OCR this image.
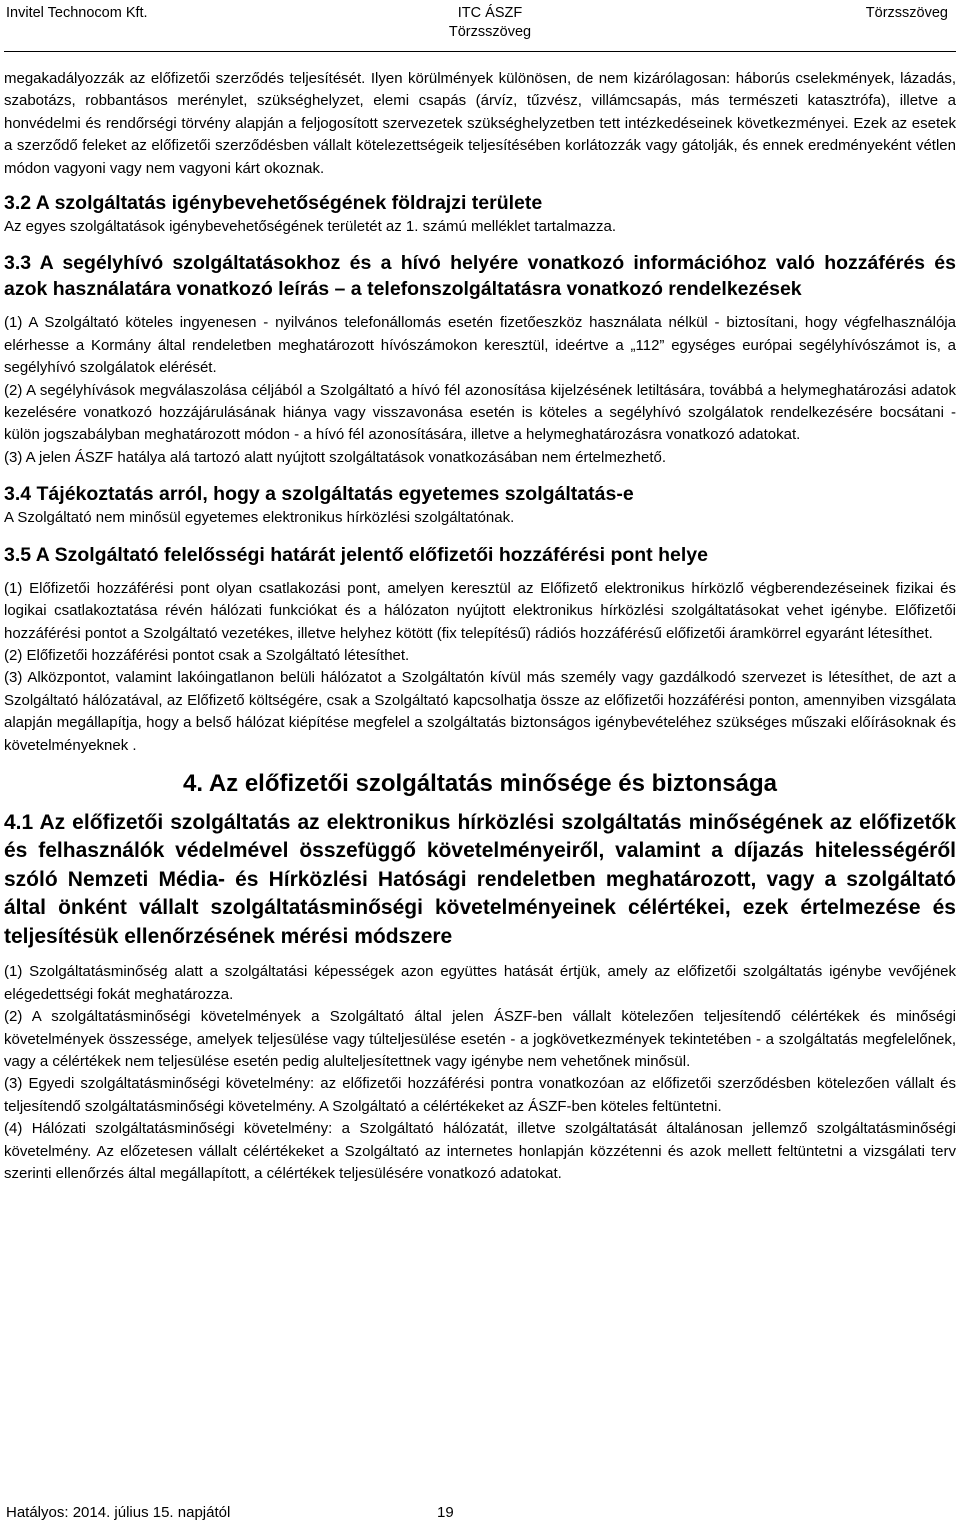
Invitel Technocom Kft.	ITC ÁSZF
Törzsszöveg
Törzsszöveg

megakadályozzák az előfizetői szerződés teljesítését. Ilyen körülmények különösen, de nem kizárólagosan: háborús cselekmények, lázadás, szabotázs, robbantásos merénylet, szükséghelyzet, elemi csapás (árvíz, tűzvész, villámcsapás, más természeti katasztrófa), illetve a honvédelmi és rendőrségi törvény alapján a feljogosított szervezetek szükséghelyzetben tett intézkedéseinek következményei. Ezek az esetek a szerződő feleket az előfizetői szerződésben vállalt kötelezettségeik teljesítésében korlátozzák vagy gátolják, és ennek eredményeként vétlen módon vagyoni vagy nem vagyoni kárt okoznak.

3.2 A szolgáltatás igénybevehetőségének földrajzi területe

Az egyes szolgáltatások igénybevehetőségének területét az 1. számú melléklet tartalmazza.

3.3 A segélyhívó szolgáltatásokhoz és a hívó helyére vonatkozó információhoz való hozzáférés és azok használatára vonatkozó leírás – a telefonszolgáltatásra vonatkozó rendelkezések

(1) A Szolgáltató köteles ingyenesen - nyilvános telefonállomás esetén fizetőeszköz használata nélkül - biztosítani, hogy végfelhasználója elérhesse a Kormány által rendeletben meghatározott hívószámokon keresztül, ideértve a „112” egységes európai segélyhívószámot is, a segélyhívó szolgálatok elérését.

(2) A segélyhívások megválaszolása céljából a Szolgáltató a hívó fél azonosítása kijelzésének letiltására, továbbá a helymeghatározási adatok kezelésére vonatkozó hozzájárulásának hiánya vagy visszavonása esetén is köteles a segélyhívó szolgálatok rendelkezésére bocsátani - külön jogszabályban meghatározott módon - a hívó fél azonosítására, illetve a helymeghatározásra vonatkozó adatokat.

(3) A jelen ÁSZF hatálya alá tartozó alatt nyújtott szolgáltatások vonatkozásában nem értelmezhető.

3.4 Tájékoztatás arról, hogy a szolgáltatás egyetemes szolgáltatás-e

A Szolgáltató nem minősül egyetemes elektronikus hírközlési szolgáltatónak.

3.5 A Szolgáltató felelősségi határát jelentő előfizetői hozzáférési pont helye

(1) Előfizetői hozzáférési pont olyan csatlakozási pont, amelyen keresztül az Előfizető elektronikus hírközlő végberendezéseinek fizikai és logikai csatlakoztatása révén hálózati funkciókat és a hálózaton nyújtott elektronikus hírközlési szolgáltatásokat vehet igénybe. Előfizetői hozzáférési pontot a Szolgáltató vezetékes, illetve helyhez kötött (fix telepítésű) rádiós hozzáférésű előfizetői áramkörrel egyaránt létesíthet.

(2) Előfizetői hozzáférési pontot csak a Szolgáltató létesíthet.

(3) Alközpontot, valamint lakóingatlanon belüli hálózatot a Szolgáltatón kívül más személy vagy gazdálkodó szervezet is létesíthet, de azt a Szolgáltató hálózatával, az Előfizető költségére, csak a Szolgáltató kapcsolhatja össze az előfizetői hozzáférési ponton, amennyiben vizsgálata alapján megállapítja, hogy a belső hálózat kiépítése megfelel a szolgáltatás biztonságos igénybevételéhez szükséges műszaki előírásoknak és követelményeknek .

4. Az előfizetői szolgáltatás minősége és biztonsága
4.1 Az előfizetői szolgáltatás az elektronikus hírközlési szolgáltatás minőségének az előfizetők és felhasználók védelmével összefüggő követelményeiről, valamint a díjazás hitelességéről szóló Nemzeti Média- és Hírközlési Hatósági rendeletben meghatározott, vagy a szolgáltató által önként vállalt szolgáltatásminőségi követelményeinek célértékei, ezek értelmezése és teljesítésük ellenőrzésének mérési módszere

(1) Szolgáltatásminőség alatt a szolgáltatási képességek azon együttes hatását értjük, amely az előfizetői szolgáltatás igénybe vevőjének elégedettségi fokát meghatározza.

(2) A szolgáltatásminőségi követelmények a Szolgáltató által jelen ÁSZF-ben vállalt kötelezően teljesítendő célértékek és minőségi követelmények összessége, amelyek teljesülése vagy túlteljesülése esetén - a jogkövetkezmények tekintetében - a szolgáltatás megfelelőnek, vagy a célértékek nem teljesülése esetén pedig alulteljesítettnek vagy igénybe nem vehetőnek minősül.

(3) Egyedi szolgáltatásminőségi követelmény: az előfizetői hozzáférési pontra vonatkozóan az előfizetői szerződésben kötelezően vállalt és teljesítendő szolgáltatásminőségi követelmény. A Szolgáltató a célértékeket az ÁSZF-ben köteles feltüntetni.

(4) Hálózati szolgáltatásminőségi követelmény: a Szolgáltató hálózatát, illetve szolgáltatását általánosan jellemző szolgáltatásminőségi követelmény. Az előzetesen vállalt célértékeket a Szolgáltató az internetes honlapján közzétenni és azok mellett feltüntetni a vizsgálati terv szerinti ellenőrzés által megállapított, a célértékek teljesülésére vonatkozó adatokat.

Hatályos: 2014. július 15. napjától	19
